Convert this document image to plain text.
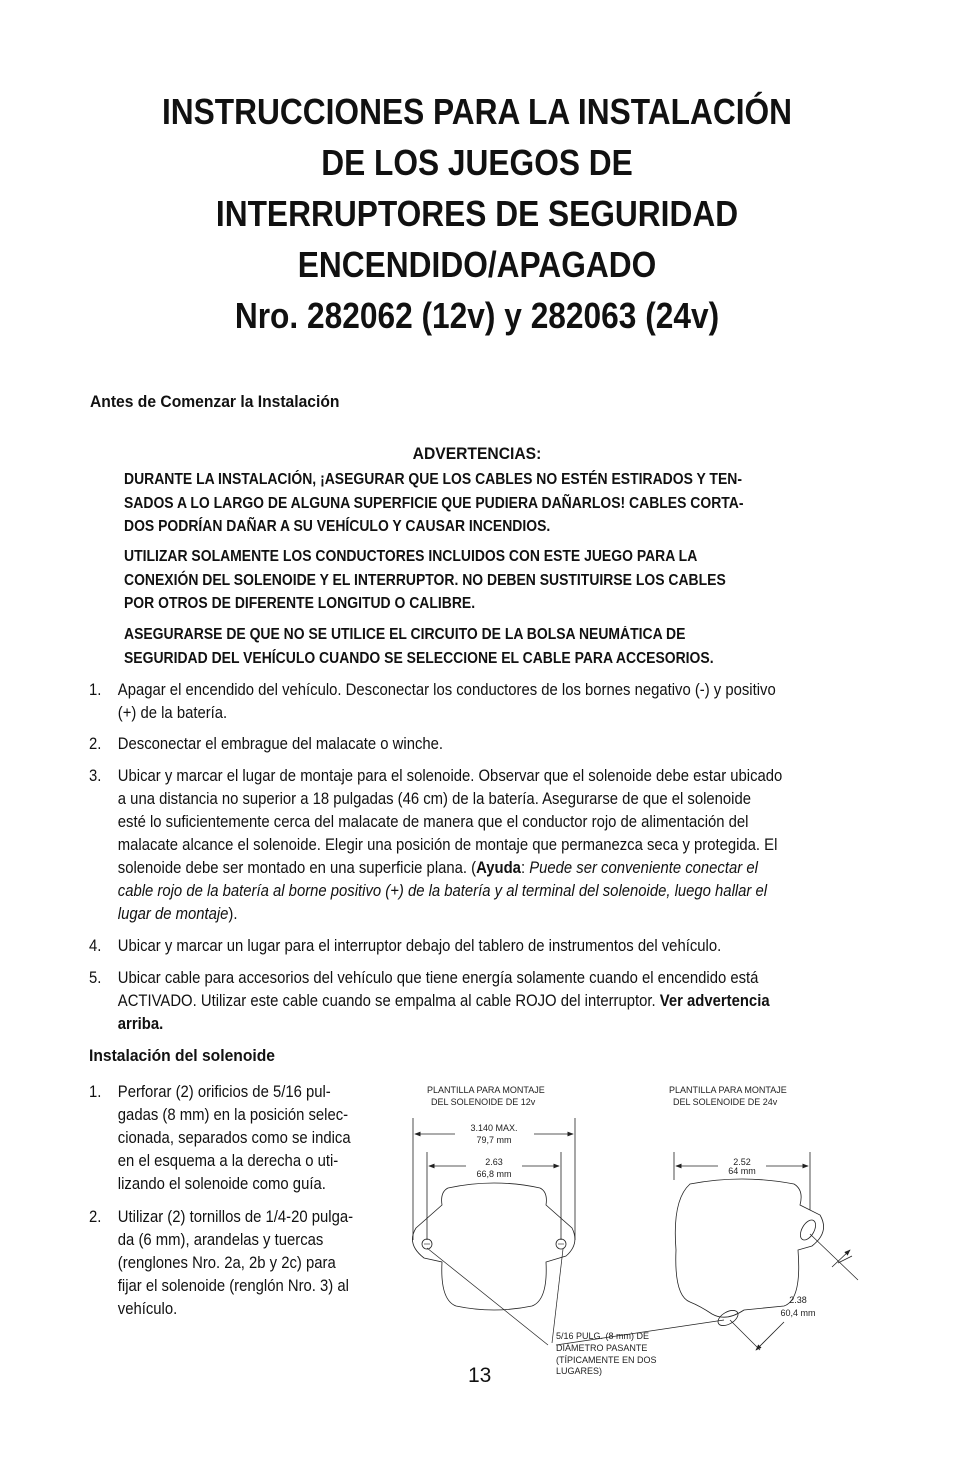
INSTRUCCIONES PARA LA INSTALACIÓN
DE LOS JUEGOS DE
INTERRUPTORES DE SEGURIDAD
ENCENDIDO/APAGADO
Nro. 282062 (12v) y 282063 (24v)
Antes de Comenzar la Instalación
ADVERTENCIAS:
DURANTE LA INSTALACIÓN, ¡ASEGURAR QUE LOS CABLES NO ESTÉN ESTIRADOS Y TEN-
SADOS A LO LARGO DE ALGUNA SUPERFICIE QUE PUDIERA DAÑARLOS! CABLES CORTA-
DOS PODRÍAN DAÑAR A SU VEHÍCULO Y CAUSAR INCENDIOS.
UTILIZAR SOLAMENTE LOS CONDUCTORES INCLUIDOS CON ESTE JUEGO PARA LA
CONEXIÓN DEL SOLENOIDE Y EL INTERRUPTOR. NO DEBEN SUSTITUIRSE LOS CABLES
POR OTROS DE DIFERENTE LONGITUD O CALIBRE.
ASEGURARSE DE QUE NO SE UTILICE EL CIRCUITO DE LA BOLSA NEUMÁTICA DE
SEGURIDAD DEL VEHÍCULO CUANDO SE SELECCIONE EL CABLE PARA ACCESORIOS.
1. Apagar el encendido del vehículo. Desconectar los conductores de los bornes negativo (-) y positivo
(+) de la batería.
2. Desconectar el embrague del malacate o winche.
3. Ubicar y marcar el lugar de montaje para el solenoide. Observar que el solenoide debe estar ubicado
a una distancia no superior a 18 pulgadas (46 cm) de la batería. Asegurarse de que el solenoide
esté lo suficientemente cerca del malacate de manera que el conductor rojo de alimentación del
malacate alcance el solenoide. Elegir una posición de montaje que permanezca seca y protegida. El
solenoide debe ser montado en una superficie plana. (Ayuda: Puede ser conveniente conectar el
cable rojo de la batería al borne positivo (+) de la batería y al terminal del solenoide, luego hallar el
lugar de montaje).
4. Ubicar y marcar un lugar para el interruptor debajo del tablero de instrumentos del vehículo.
5. Ubicar cable para accesorios del vehículo que tiene energía solamente cuando el encendido está
ACTIVADO. Utilizar este cable cuando se empalma al cable ROJO del interruptor. Ver advertencia
arriba.
Instalación del solenoide
1. Perforar (2) orificios de 5/16 pul-
gadas (8 mm) en la posición selec-
cionada, separados como se indica
en el esquema a la derecha o uti-
lizando el solenoide como guía.
2. Utilizar (2) tornillos de 1/4-20 pulga-
da (6 mm), arandelas y tuercas
(renglones Nro. 2a, 2b y 2c) para
fijar el solenoide (renglón Nro. 3) al
vehículo.
PLANTILLA PARA MONTAJE
DEL SOLENOIDE DE 12v
3.140 MAX.
79,7 mm
2.63
66,8 mm
5/16 PULG. (8 mm) DE
DIÁMETRO PASANTE
(TÍPICAMENTE EN DOS
LUGARES)
PLANTILLA PARA MONTAJE
DEL SOLENOIDE DE 24v
2.52
64 mm
2.38
60,4 mm
13
